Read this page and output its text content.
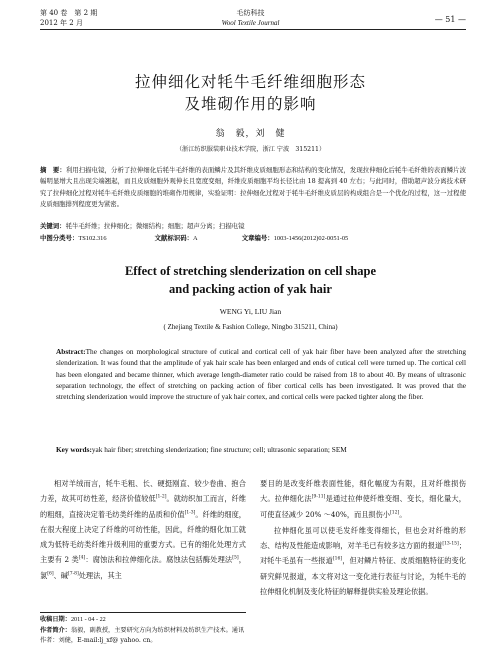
第 40 卷　第 2 期
2012 年 2 月
毛纺科技
Wool Textile Journal	— 51 —
拉伸细化对牦牛毛纤维细胞形态
及堆砌作用的影响
翁　毅，刘　健
（浙江纺织服装职业技术学院，浙江 宁波　315211）
摘　要：利用扫描电镜，分析了拉伸细化后牦牛毛纤维的表面鳞片及其纤维皮质细胞形态和结构的变化情况，发现拉伸细化后牦牛毛纤维的表面鳞片波幅明显增大且出现尖端翘起，而且皮质细胞外观伸长且宽度变细，纤维皮质细胞平均长径比由 18 提高到 40 左右；与此同时，借助超声波分离技术研究了拉伸细化过程对牦牛毛纤维皮质细胞的堆砌作用规律，实验证明：拉伸细化过程对于牦牛毛纤维皮质层的构成组合是一个优化的过程，这一过程使皮质细胞排列程度更为紧密。
关键词：牦牛毛纤维；拉伸细化；微细结构；细胞；超声分离；扫描电镜
中图分类号：TS102.316	文献标识码：A	文章编号：1003-1456(2012)02-0051-05
Effect of stretching slenderization on cell shape
and packing action of yak hair
WENG Yi, LIU Jian
( Zhejiang Textile & Fashion College, Ningbo 315211, China)
Abstract:The changes on morphological structure of cutical and cortical cell of yak hair fiber have been analyzed after the stretching slenderization. It was found that the amplitude of yak hair scale has been enlarged and ends of cutical cell were turned up. The cortical cell has been elongated and became thinner, which average length-diameter ratio could be raised from 18 to about 40. By means of ultrasonic separation technology, the effect of stretching on packing action of fiber cortical cells has been investigated. It was proved that the stretching slenderization would improve the structure of yak hair cortex, and cortical cells were packed tighter along the fiber.
Key words:yak hair fiber; stretching slenderization; fine structure; cell; ultrasonic separation; SEM
相对羊绒而言，牦牛毛粗、长、硬挺刚直、较少卷曲、抱合力差，故其可纺性差，经济价值较低[1-2]。就纺织加工而言，纤维的粗细，直接决定着毛纺类纤维的品质和价值[1-3]。纤维的细度，在很大程度上决定了纤维的可纺性能，因此，纤维的细化加工就成为低特毛纺类纤维升级利用的重要方式。已有的细化处理方式主要有 2 类[4]：腐蚀法和拉伸细化法。腐蚀法包括酶处理法[5]，氯[6]、碱[7-8]处理法，其主
收稿日期：2011 - 04 - 22
作者简介：翁毅，副教授，主要研究方向为纺织材料及纺织生产技术。通讯作者：刘健，E-mail:lj_xf@ yahoo. cn。
要目的是改变纤维表面性能，细化幅度为有限，且对纤维损伤大。拉伸细化法[9-11]是通过拉伸使纤维变细、变长，细化量大，可使直径减少 20% ～40%，而且损伤小[12]。
拉伸细化虽可以使毛发纤维变得细长，但也会对纤维的形态、结构及性能造成影响，对羊毛已有较多这方面的报道[13-15]；对牦牛毛虽有一些报道[16]，但对鳞片特征、皮质细胞特征的变化研究鲜见报道，本文将对这一变化进行表征与讨论，为牦牛毛的拉伸细化机制及变化特征的解释提供实验及理论依据。
